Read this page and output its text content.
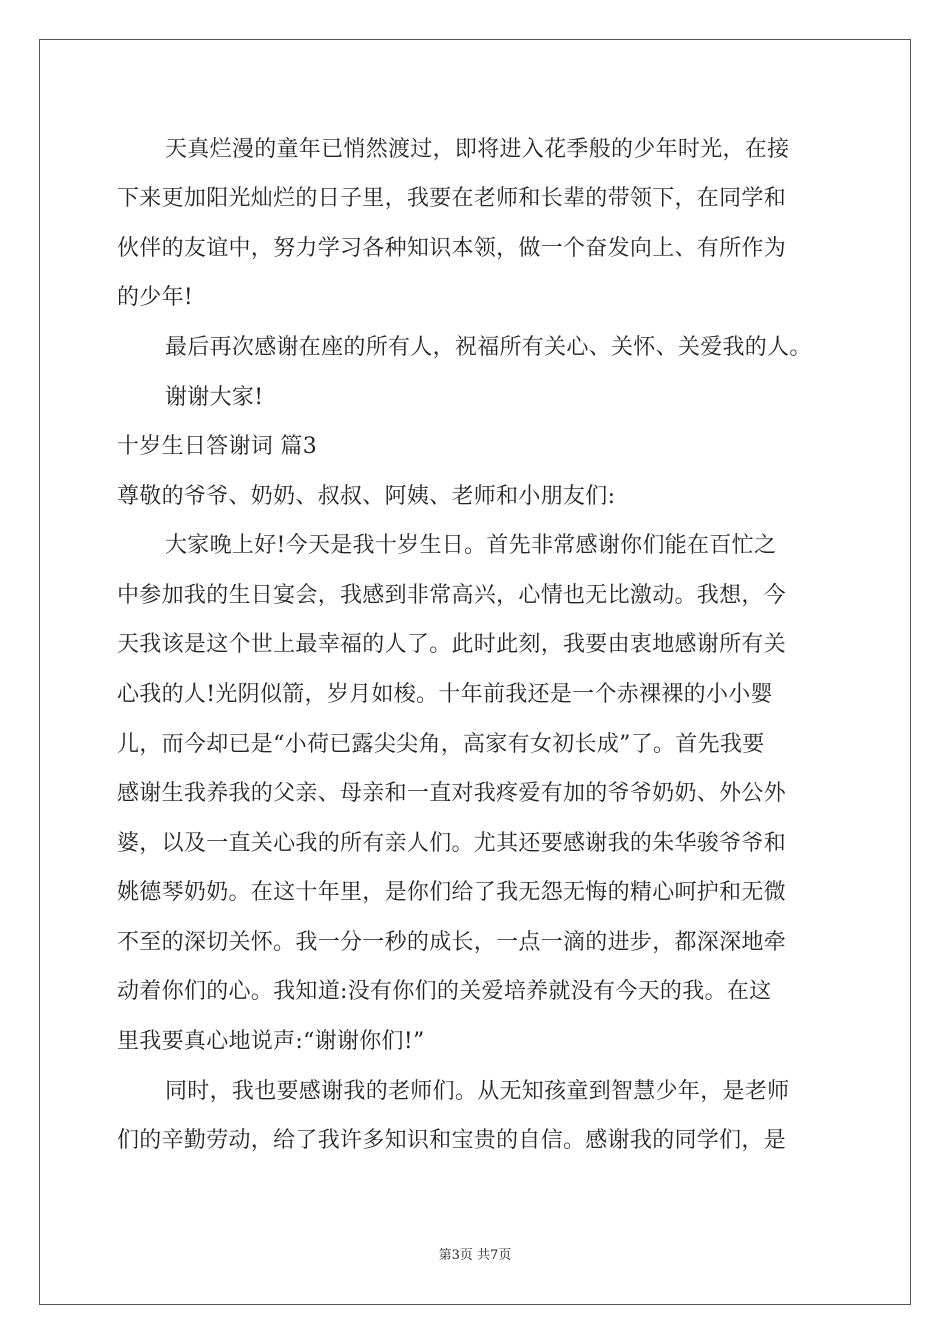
天真烂漫的童年已悄然渡过，即将进入花季般的少年时光，在接
下来更加阳光灿烂的日子里，我要在老师和长辈的带领下，在同学和
伙伴的友谊中，努力学习各种知识本领，做一个奋发向上、有所作为
的少年!
最后再次感谢在座的所有人，祝福所有关心、关怀、关爱我的人。
谢谢大家!
十岁生日答谢词 篇3
尊敬的爷爷、奶奶、叔叔、阿姨、老师和小朋友们:
大家晚上好!今天是我十岁生日。首先非常感谢你们能在百忙之
中参加我的生日宴会，我感到非常高兴，心情也无比激动。我想，今
天我该是这个世上最幸福的人了。此时此刻，我要由衷地感谢所有关
心我的人!光阴似箭，岁月如梭。十年前我还是一个赤裸裸的小小婴
儿，而今却已是“小荷已露尖尖角，高家有女初长成”了。首先我要
感谢生我养我的父亲、母亲和一直对我疼爱有加的爷爷奶奶、外公外
婆，以及一直关心我的所有亲人们。尤其还要感谢我的朱华骏爷爷和
姚德琴奶奶。在这十年里，是你们给了我无怨无悔的精心呵护和无微
不至的深切关怀。我一分一秒的成长，一点一滴的进步，都深深地牵
动着你们的心。我知道:没有你们的关爱培养就没有今天的我。在这
里我要真心地说声:“谢谢你们!”
同时，我也要感谢我的老师们。从无知孩童到智慧少年，是老师
们的辛勤劳动，给了我许多知识和宝贵的自信。感谢我的同学们，是
第3页 共7页
